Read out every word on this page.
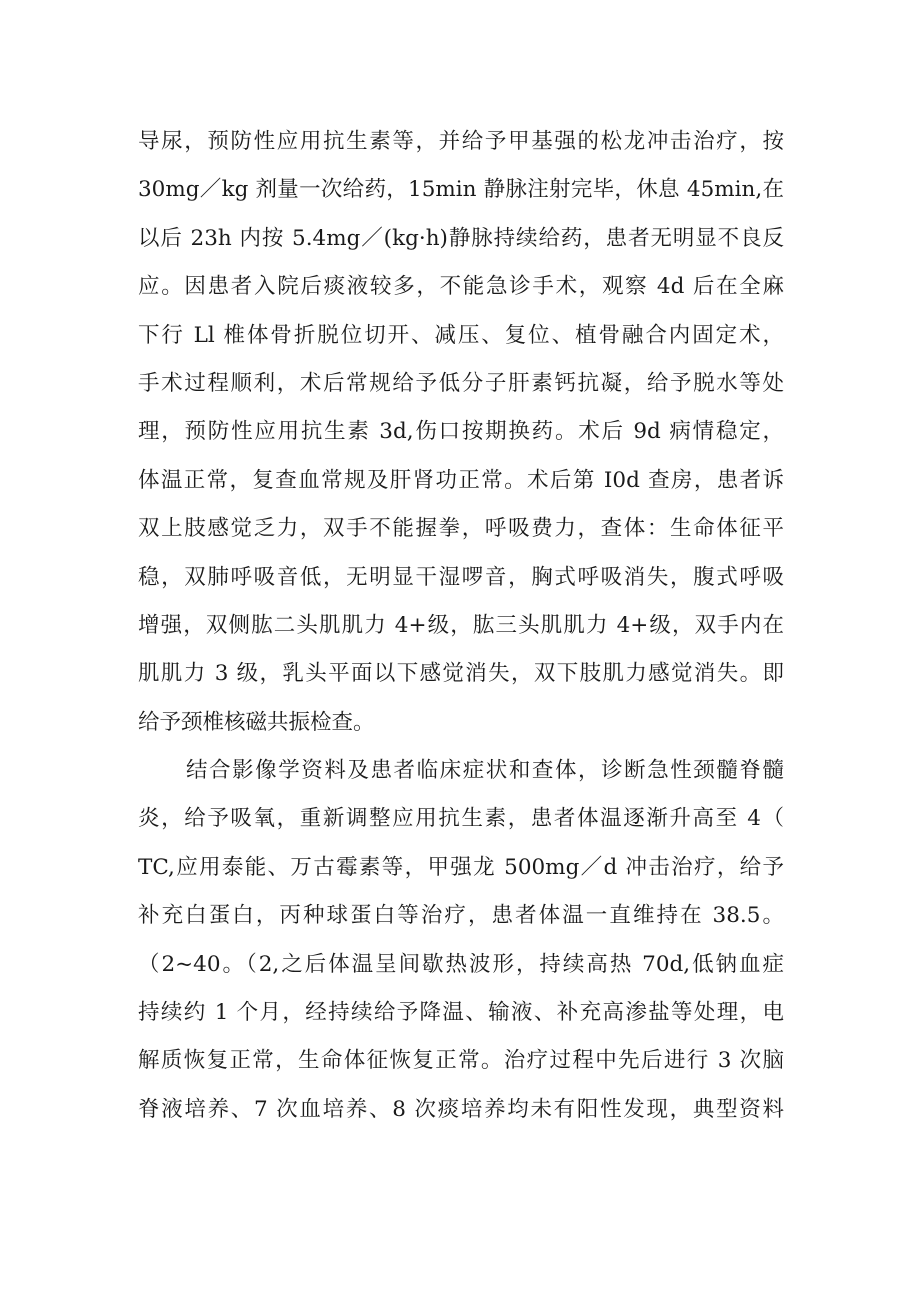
导尿，预防性应用抗生素等，并给予甲基强的松龙冲击治疗，按
30mg／kg 剂量一次给药，15min 静脉注射完毕，休息 45min,在
以后 23h 内按 5.4mg／(kg·h)静脉持续给药，患者无明显不良反
应。因患者入院后痰液较多，不能急诊手术，观察 4d 后在全麻
下行 Ll 椎体骨折脱位切开、减压、复位、植骨融合内固定术，
手术过程顺利，术后常规给予低分子肝素钙抗凝，给予脱水等处
理，预防性应用抗生素 3d,伤口按期换药。术后 9d 病情稳定，
体温正常，复查血常规及肝肾功正常。术后第 I0d 查房，患者诉
双上肢感觉乏力，双手不能握拳，呼吸费力，查体：生命体征平
稳，双肺呼吸音低，无明显干湿啰音，胸式呼吸消失，腹式呼吸
增强，双侧肱二头肌肌力 4+级，肱三头肌肌力 4+级，双手内在
肌肌力 3 级，乳头平面以下感觉消失，双下肢肌力感觉消失。即
给予颈椎核磁共振检查。
结合影像学资料及患者临床症状和查体，诊断急性颈髓脊髓
炎，给予吸氧，重新调整应用抗生素，患者体温逐渐升高至 4（
TC,应用泰能、万古霉素等，甲强龙 500mg／d 冲击治疗，给予
补充白蛋白，丙种球蛋白等治疗，患者体温一直维持在 38.5。
（2~40。（2,之后体温呈间歇热波形，持续高热 70d,低钠血症
持续约 1 个月，经持续给予降温、输液、补充高渗盐等处理，电
解质恢复正常，生命体征恢复正常。治疗过程中先后进行 3 次脑
脊液培养、7 次血培养、8 次痰培养均未有阳性发现，典型资料
